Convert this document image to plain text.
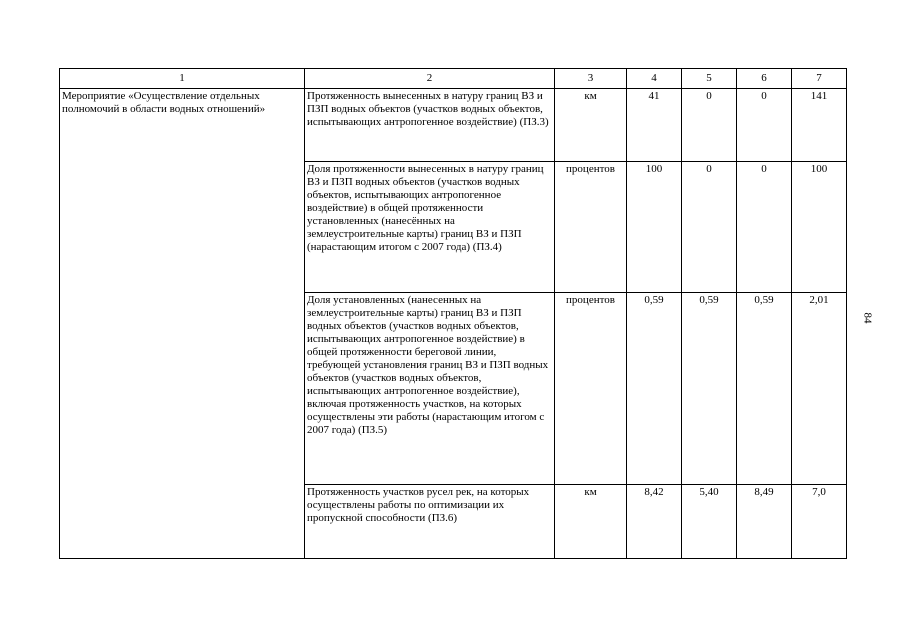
84
1	2	3	4	5	6	7
Мероприятие «Осуществление отдельных полномочий в области водных отношений»	Протяженность вынесенных в натуру границ ВЗ и ПЗП водных объектов (участков водных объектов, испытывающих антропогенное воздействие) (ПЗ.3)	км	41	0	0	141
	Доля протяженности вынесенных в натуру границ ВЗ и ПЗП водных объектов (участков водных объектов, испытывающих антропогенное воздействие) в общей протяженности установленных (нанесённых на землеустроительные карты) границ ВЗ и ПЗП (нарастающим итогом с 2007 года) (ПЗ.4)	процентов	100	0	0	100
	Доля установленных (нанесенных на землеустроительные карты) границ ВЗ и ПЗП водных объектов (участков водных объектов, испытывающих антропогенное воздействие) в общей протяженности береговой линии, требующей установления границ ВЗ и ПЗП водных объектов (участков водных объектов, испытывающих антропогенное воздействие), включая протяженность участков, на которых осуществлены эти работы (нарастающим итогом с 2007 года) (ПЗ.5)	процентов	0,59	0,59	0,59	2,01
	Протяженность участков русел рек, на которых осуществлены работы по оптимизации их пропускной способности (ПЗ.6)	км	8,42	5,40	8,49	7,0
